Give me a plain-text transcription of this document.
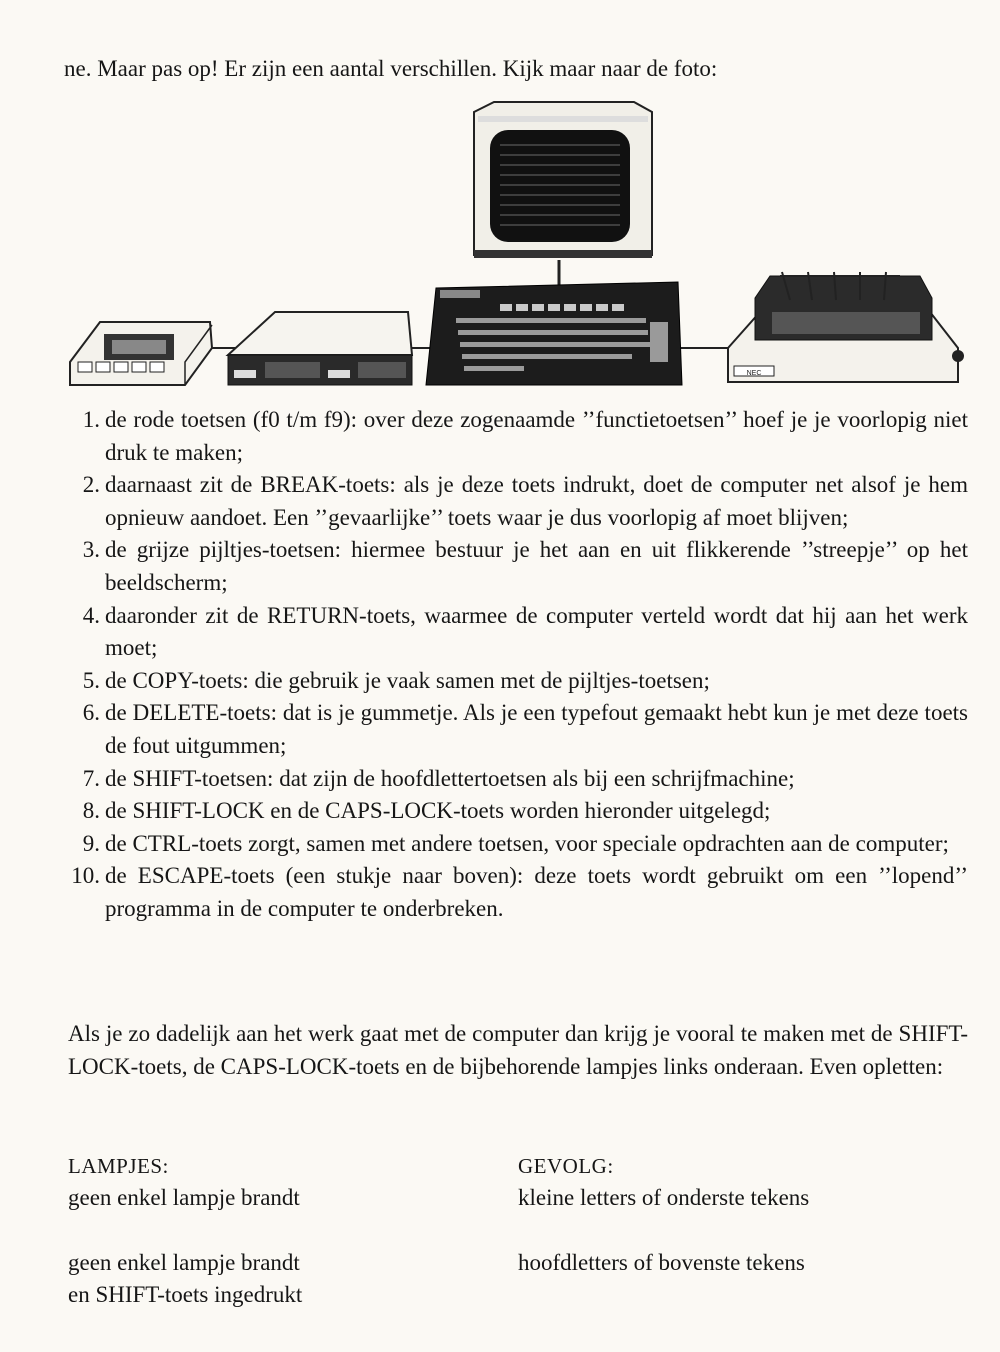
ne. Maar pas op! Er zijn een aantal verschillen. Kijk maar naar de foto:
NEC
1. de rode toetsen (f0 t/m f9): over deze zogenaamde ’’functietoetsen’’ hoef je je voorlopig niet druk te maken;
2. daarnaast zit de BREAK-toets: als je deze toets indrukt, doet de computer net alsof je hem opnieuw aandoet. Een ’’gevaarlijke’’ toets waar je dus voorlopig af moet blijven;
3. de grijze pijltjes-toetsen: hiermee bestuur je het aan en uit flikkerende ’’streepje’’ op het beeldscherm;
4. daaronder zit de RETURN-toets, waarmee de computer verteld wordt dat hij aan het werk moet;
5. de COPY-toets: die gebruik je vaak samen met de pijltjes-toetsen;
6. de DELETE-toets: dat is je gummetje. Als je een typefout gemaakt hebt kun je met deze toets de fout uitgummen;
7. de SHIFT-toetsen: dat zijn de hoofdlettertoetsen als bij een schrijfmachine;
8. de SHIFT-LOCK en de CAPS-LOCK-toets worden hieronder uitgelegd;
9. de CTRL-toets zorgt, samen met andere toetsen, voor speciale opdrachten aan de computer;
10. de ESCAPE-toets (een stukje naar boven): deze toets wordt gebruikt om een ’’lopend’’ programma in de computer te onderbreken.
Als je zo dadelijk aan het werk gaat met de computer dan krijg je vooral te maken met de SHIFT-LOCK-toets, de CAPS-LOCK-toets en de bijbehorende lampjes links onderaan. Even opletten:
LAMPJES:
geen enkel lampje brandt
geen enkel lampje brandt
en SHIFT-toets ingedrukt
GEVOLG:
kleine letters of onderste tekens
hoofdletters of bovenste tekens
